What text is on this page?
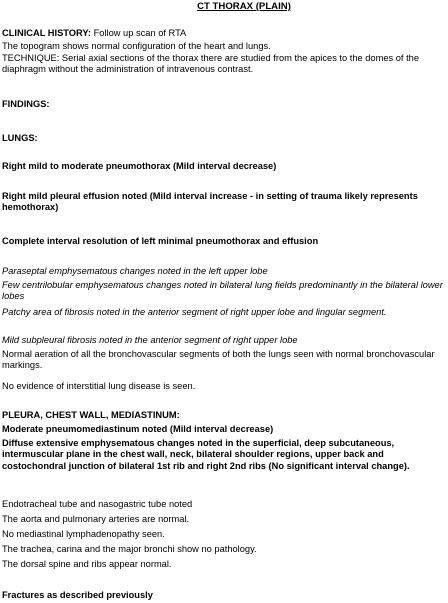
CT THORAX (PLAIN)
CLINICAL HISTORY: Follow up scan of RTA
The topogram shows normal configuration of the heart and lungs.
TECHNIQUE: Serial axial sections of the thorax there are studied from the apices to the domes of the diaphragm without the administration of intravenous contrast.
FINDINGS:
LUNGS:
Right mild to moderate pneumothorax (Mild interval decrease)
Right mild pleural effusion noted (Mild interval increase - in setting of trauma likely represents hemothorax)
Complete interval resolution of left minimal pneumothorax and effusion
Paraseptal emphysematous changes noted in the left upper lobe
Few centrilobular emphysematous changes noted in bilateral lung fields predominantly in the bilateral lower lobes
Patchy area of fibrosis noted in the anterior segment of right upper lobe and lingular segment.
Mild subpleural fibrosis noted in the anterior segment of right upper lobe
Normal aeration of all the bronchovascular segments of both the lungs seen with normal bronchovascular markings.
No evidence of interstitial lung disease is seen.
PLEURA, CHEST WALL, MEDIASTINUM:
Moderate pneumomediastinum noted (Mild interval decrease)
Diffuse extensive emphysematous changes noted in the superficial, deep subcutaneous, intermuscular plane in the chest wall, neck, bilateral shoulder regions, upper back and costochondral junction of bilateral 1st rib and right 2nd ribs (No significant interval change).
Endotracheal tube and nasogastric tube noted
The aorta and pulmonary arteries are normal.
No mediastinal lymphadenopathy seen.
The trachea, carina and the major bronchi show no pathology.
The dorsal spine and ribs appear normal.
Fractures as described previously
